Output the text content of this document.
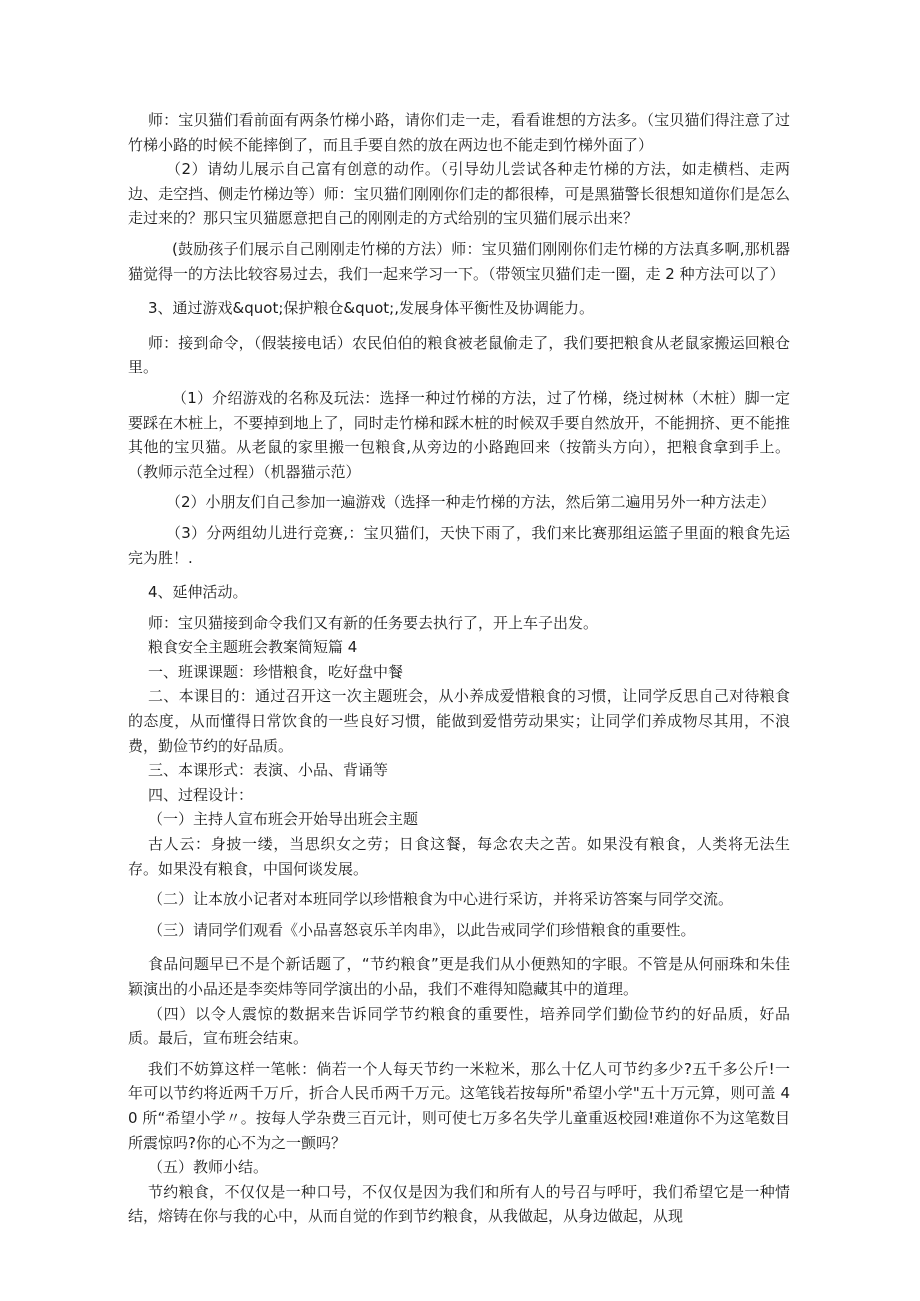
师：宝贝猫们看前面有两条竹梯小路，请你们走一走，看看谁想的方法多。（宝贝猫们得注意了过竹梯小路的时候不能摔倒了，而且手要自然的放在两边也不能走到竹梯外面了）

（2）请幼儿展示自己富有创意的动作。（引导幼儿尝试各种走竹梯的方法，如走横档、走两边、走空挡、侧走竹梯边等）师：宝贝猫们刚刚你们走的都很棒，可是黑猫警长很想知道你们是怎么走过来的？那只宝贝猫愿意把自己的刚刚走的方式给别的宝贝猫们展示出来？

(鼓励孩子们展示自己刚刚走竹梯的方法）师：宝贝猫们刚刚你们走竹梯的方法真多啊,那机器猫觉得一的方法比较容易过去，我们一起来学习一下。（带领宝贝猫们走一圈，走 2 种方法可以了）

3、通过游戏&quot;保护粮仓&quot;,发展身体平衡性及协调能力。

师：接到命令，（假装接电话）农民伯伯的粮食被老鼠偷走了，我们要把粮食从老鼠家搬运回粮仓里。

（1）介绍游戏的名称及玩法：选择一种过竹梯的方法，过了竹梯，绕过树林（木桩）脚一定要踩在木桩上，不要掉到地上了，同时走竹梯和踩木桩的时候双手要自然放开，不能拥挤、更不能推其他的宝贝猫。从老鼠的家里搬一包粮食,从旁边的小路跑回来（按箭头方向），把粮食拿到手上。（教师示范全过程）（机器猫示范）

（2）小朋友们自己参加一遍游戏（选择一种走竹梯的方法，然后第二遍用另外一种方法走）

（3）分两组幼儿进行竞赛,：宝贝猫们，天快下雨了，我们来比赛那组运篮子里面的粮食先运完为胜！.

4、延伸活动。

师：宝贝猫接到命令我们又有新的任务要去执行了，开上车子出发。

粮食安全主题班会教案简短篇 4

一、班课课题：珍惜粮食，吃好盘中餐

二、本课目的：通过召开这一次主题班会，从小养成爱惜粮食的习惯，让同学反思自己对待粮食的态度，从而懂得日常饮食的一些良好习惯，能做到爱惜劳动果实；让同学们养成物尽其用，不浪费，勤俭节约的好品质。

三、本课形式：表演、小品、背诵等

四、过程设计：

（一）主持人宣布班会开始导出班会主题

古人云：身披一缕，当思织女之劳；日食这餐，每念农夫之苦。如果没有粮食，人类将无法生存。如果没有粮食，中国何谈发展。

（二）让本放小记者对本班同学以珍惜粮食为中心进行采访，并将采访答案与同学交流。

（三）请同学们观看《小品喜怒哀乐羊肉串》，以此告戒同学们珍惜粮食的重要性。

食品问题早已不是个新话题了，“节约粮食”更是我们从小便熟知的字眼。不管是从何丽珠和朱佳颖演出的小品还是李奕炜等同学演出的小品，我们不难得知隐藏其中的道理。

（四）以令人震惊的数据来告诉同学节约粮食的重要性，培养同学们勤俭节约的好品质，好品质。最后，宣布班会结束。

我们不妨算这样一笔帐：倘若一个人每天节约一米粒米，那么十亿人可节约多少?五千多公斤!一年可以节约将近两千万斤，折合人民币两千万元。这笔钱若按每所"希望小学"五十万元算，则可盖 40 所“希望小学〃。按每人学杂费三百元计，则可使七万多名失学儿童重返校园!难道你不为这笔数目所震惊吗?你的心不为之一颤吗？

（五）教师小结。

节约粮食，不仅仅是一种口号，不仅仅是因为我们和所有人的号召与呼吁，我们希望它是一种情结，熔铸在你与我的心中，从而自觉的作到节约粮食，从我做起，从身边做起，从现
